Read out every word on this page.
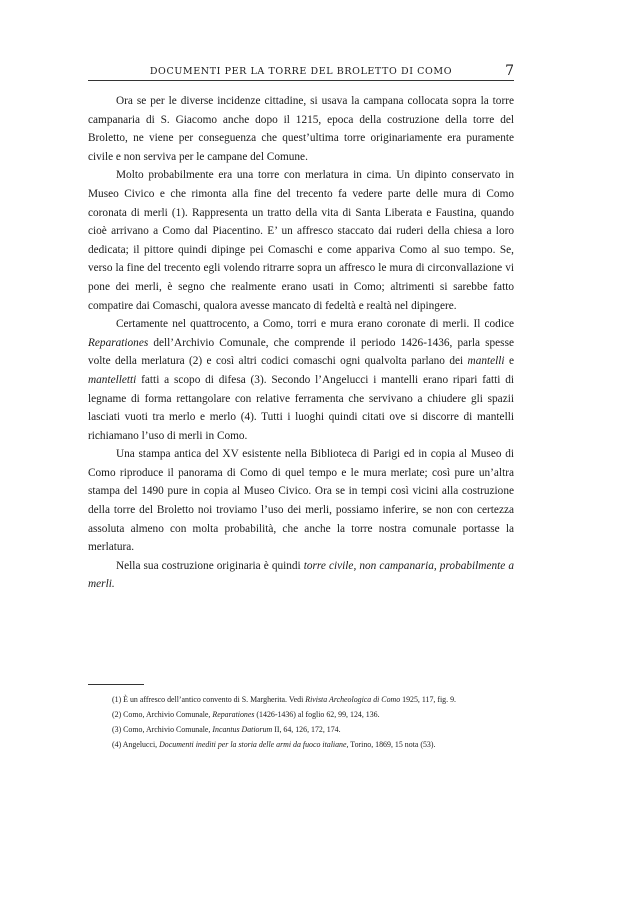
DOCUMENTI PER LA TORRE DEL BROLETTO DI COMO	7

Ora se per le diverse incidenze cittadine, si usava la campana collocata sopra la torre campanaria di S. Giacomo anche dopo il 1215, epoca della costruzione della torre del Broletto, ne viene per conseguenza che quest’ultima torre originariamente era puramente civile e non serviva per le campane del Comune.

Molto probabilmente era una torre con merlatura in cima. Un dipinto conservato in Museo Civico e che rimonta alla fine del trecento fa vedere parte delle mura di Como coronata di merli (1). Rappresenta un tratto della vita di Santa Liberata e Faustina, quando cioè arrivano a Como dal Piacentino. E’ un affresco staccato dai ruderi della chiesa a loro dedicata; il pittore quindi dipinge pei Comaschi e come appariva Como al suo tempo. Se, verso la fine del trecento egli volendo ritrarre sopra un affresco le mura di circonvallazione vi pone dei merli, è segno che realmente erano usati in Como; altrimenti si sarebbe fatto compatire dai Comaschi, qualora avesse mancato di fedeltà e realtà nel dipingere.

Certamente nel quattrocento, a Como, torri e mura erano coronate di merli. Il codice Reparationes dell’Archivio Comunale, che comprende il periodo 1426-1436, parla spesse volte della merlatura (2) e così altri codici comaschi ogni qualvolta parlano dei mantelli e mantelletti fatti a scopo di difesa (3). Secondo l’Angelucci i mantelli erano ripari fatti di legname di forma rettangolare con relative ferramenta che servivano a chiudere gli spazii lasciati vuoti tra merlo e merlo (4). Tutti i luoghi quindi citati ove si discorre di mantelli richiamano l’uso di merli in Como.

Una stampa antica del XV esistente nella Biblioteca di Parigi ed in copia al Museo di Como riproduce il panorama di Como di quel tempo e le mura merlate; così pure un’altra stampa del 1490 pure in copia al Museo Civico. Ora se in tempi così vicini alla costruzione della torre del Broletto noi troviamo l’uso dei merli, possiamo inferire, se non con certezza assoluta almeno con molta probabilità, che anche la torre nostra comunale portasse la merlatura.

Nella sua costruzione originaria è quindi torre civile, non campanaria, probabilmente a merli.

(1) È un affresco dell’antico convento di S. Margherita. Vedi Rivista Archeologica di Como 1925, 117, fig. 9.

(2) Como, Archivio Comunale, Reparationes (1426-1436) al foglio 62, 99, 124, 136.

(3) Como, Archivio Comunale, Incantus Datiorum II, 64, 126, 172, 174.

(4) Angelucci, Documenti inediti per la storia delle armi da fuoco italiane, Torino, 1869, 15 nota (53).
